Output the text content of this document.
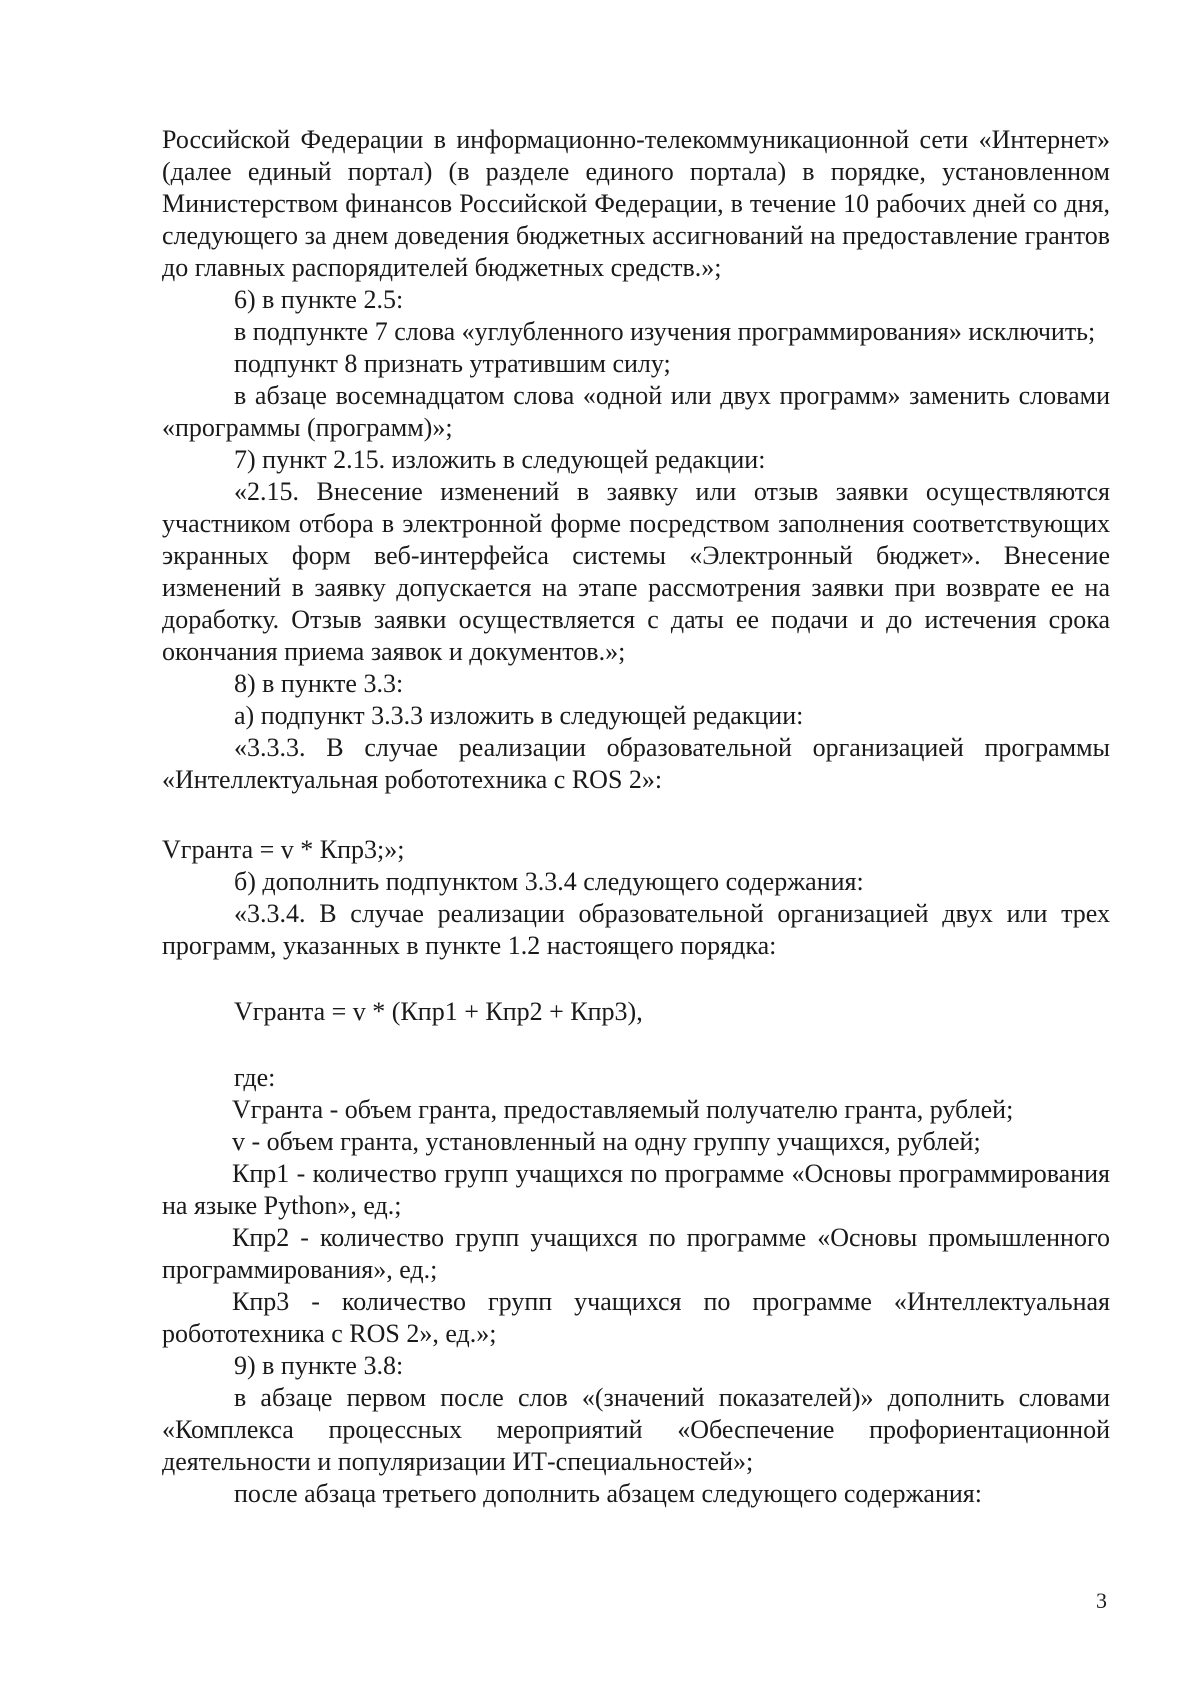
Российской Федерации в информационно-телекоммуникационной сети «Интернет» (далее единый портал) (в разделе единого портала) в порядке, установленном Министерством финансов Российской Федерации, в течение 10 рабочих дней со дня, следующего за днем доведения бюджетных ассигнований на предоставление грантов до главных распорядителей бюджетных средств.»;

6) в пункте 2.5:

в подпункте 7 слова «углубленного изучения программирования» исключить;

подпункт 8 признать утратившим силу;

в абзаце восемнадцатом слова «одной или двух программ» заменить словами «программы (программ)»;

7) пункт 2.15. изложить в следующей редакции:

«2.15. Внесение изменений в заявку или отзыв заявки осуществляются участником отбора в электронной форме посредством заполнения соответствующих экранных форм веб-интерфейса системы «Электронный бюджет». Внесение изменений в заявку допускается на этапе рассмотрения заявки при возврате ее на доработку. Отзыв заявки осуществляется с даты ее подачи и до истечения срока окончания приема заявок и документов.»;

8) в пункте 3.3:

а) подпункт 3.3.3 изложить в следующей редакции:

«3.3.3. В случае реализации образовательной организацией программы «Интеллектуальная робототехника с ROS 2»:

Vгранта = v * Кпр3;»;

б) дополнить подпунктом 3.3.4 следующего содержания:

«3.3.4. В случае реализации образовательной организацией двух или трех программ, указанных в пункте 1.2 настоящего порядка:

Vгранта = v * (Кпр1 + Кпр2 + Кпр3),

где:

Vгранта - объем гранта, предоставляемый получателю гранта, рублей;

v - объем гранта, установленный на одну группу учащихся, рублей;

Кпр1 - количество групп учащихся по программе «Основы программирования на языке Python», ед.;

Кпр2 - количество групп учащихся по программе «Основы промышленного программирования», ед.;

Кпр3 - количество групп учащихся по программе «Интеллектуальная робототехника с ROS 2», ед.»;

9) в пункте 3.8:

в абзаце первом после слов «(значений показателей)» дополнить словами «Комплекса процессных мероприятий «Обеспечение профориентационной деятельности и популяризации ИТ-специальностей»;

после абзаца третьего дополнить абзацем следующего содержания:

3
